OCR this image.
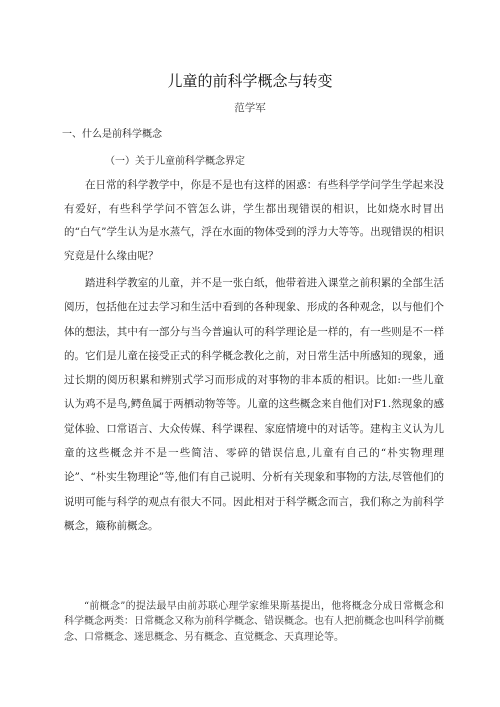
儿童的前科学概念与转变
范学军
一、什么是前科学概念
（一）关于儿童前科学概念界定

在日常的科学教学中，你是不是也有这样的困惑：有些科学学问学生学起来没有爱好，有些科学学问不管怎么讲，学生都出现错误的相识，比如烧水时冒出的“白气”学生认为是水蒸气，浮在水面的物体受到的浮力大等等。出现错误的相识究竟是什么缘由呢？

踏进科学教室的儿童，并不是一张白纸，他带着进入课堂之前积累的全部生活阅历，包括他在过去学习和生活中看到的各种现象、形成的各种观念，以与他们个体的想法，其中有一部分与当今普遍认可的科学理论是一样的，有一些则是不一样的。它们是儿童在接受正式的科学概念教化之前，对日常生活中所感知的现象，通过长期的阅历积累和辨别式学习而形成的对事物的非本质的相识。比如:一些儿童认为鸡不是鸟,鳄鱼属于两栖动物等等。儿童的这些概念来自他们对F1.然现象的感觉体验、口常语言、大众传媒、科学课程、家庭情境中的对话等。建构主义认为儿童的这些概念并不是一些简洁、零碎的错误信息,儿童有自己的“朴实物理理论”、“朴实生物理论”等,他们有自己说明、分析有关现象和事物的方法,尽管他们的说明可能与科学的观点有很大不同。因此相对于科学概念而言，我们称之为前科学概念，簸称前概念。

“前概念”的提法最早由前苏联心理学家维果斯基提出，他将概念分成日常概念和科学概念两类：日常概念又称为前科学概念、错误概念。也有人把前概念也叫科学前概念、口常概念、迷思概念、另有概念、直觉概念、天真理论等。
